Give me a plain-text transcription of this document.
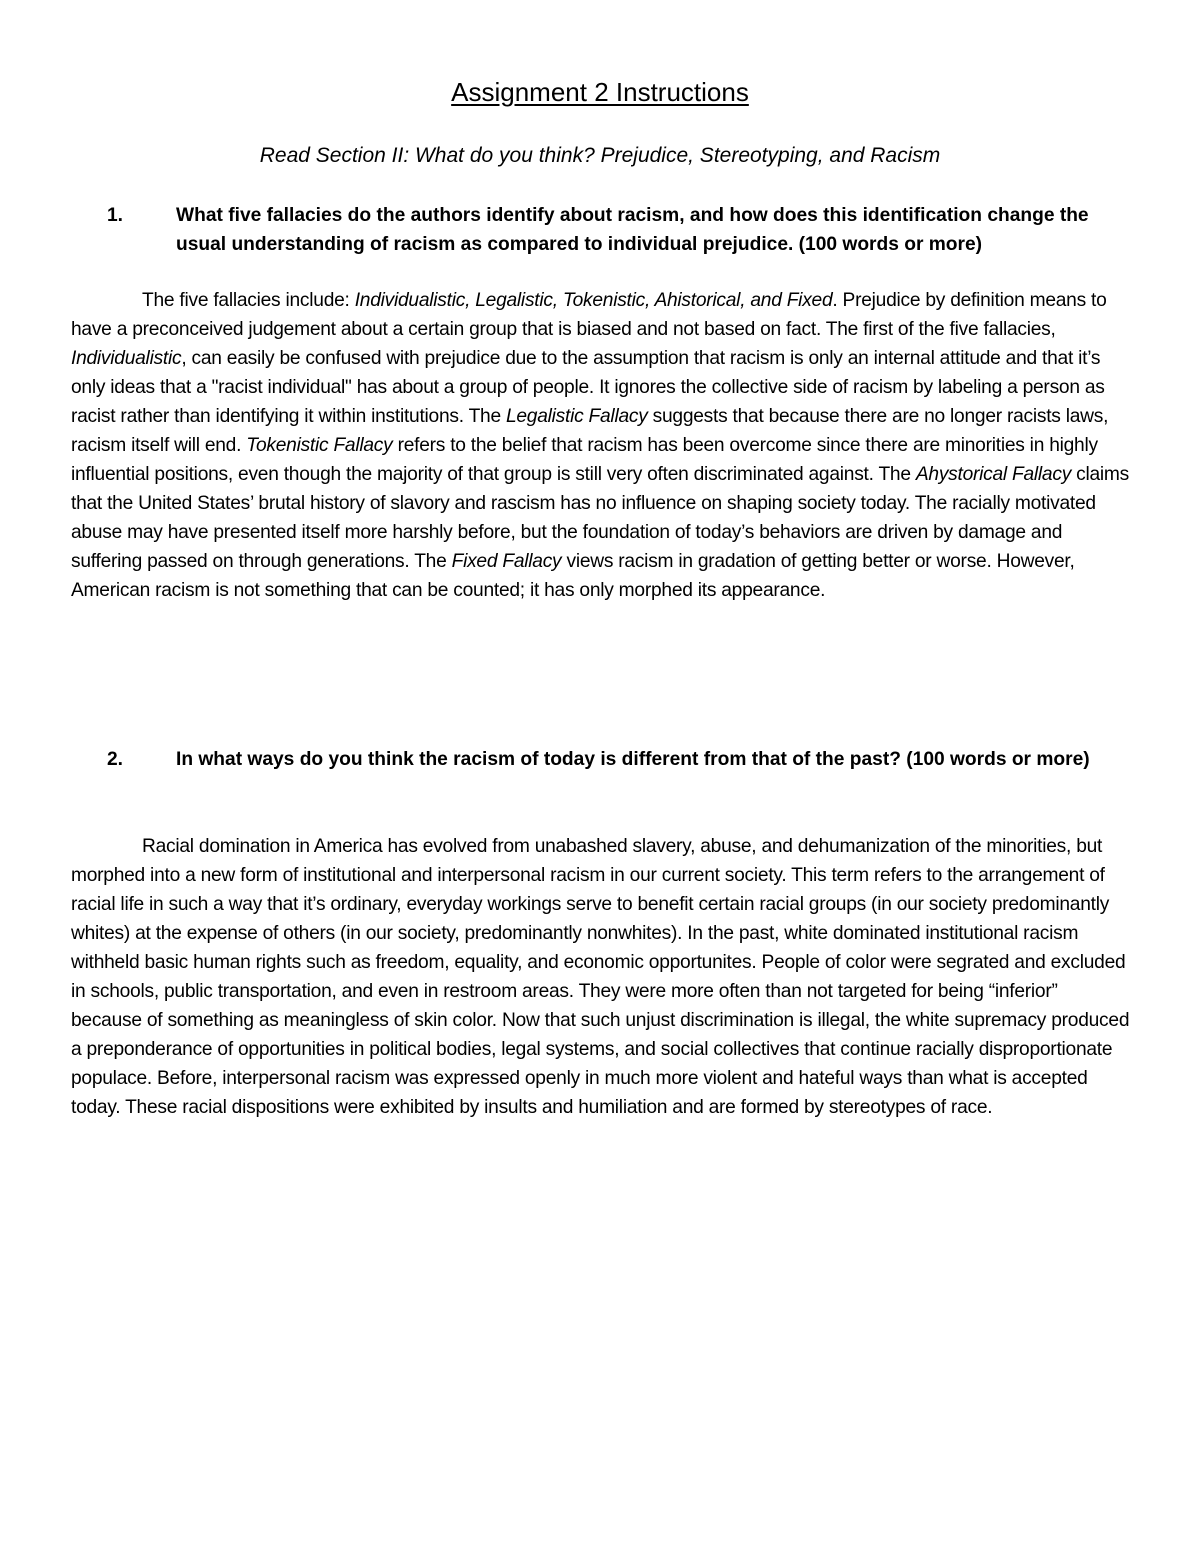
Assignment 2 Instructions
Read Section II: What do you think? Prejudice, Stereotyping, and Racism
1.	What five fallacies do the authors identify about racism, and how does this identification change the usual understanding of racism as compared to individual prejudice. (100 words or more)
The five fallacies include: Individualistic, Legalistic, Tokenistic, Ahistorical, and Fixed. Prejudice by definition means to have a preconceived judgement about a certain group that is biased and not based on fact. The first of the five fallacies, Individualistic, can easily be confused with prejudice due to the assumption that racism is only an internal attitude and that it’s only ideas that a "racist individual" has about a group of people. It ignores the collective side of racism by labeling a person as racist rather than identifying it within institutions. The Legalistic Fallacy suggests that because there are no longer racists laws, racism itself will end. Tokenistic Fallacy refers to the belief that racism has been overcome since there are minorities in highly influential positions, even though the majority of that group is still very often discriminated against. The Ahystorical Fallacy claims that the United States’ brutal history of slavory and rascism has no influence on shaping society today. The racially motivated abuse may have presented itself more harshly before, but the foundation of today’s behaviors are driven by damage and suffering passed on through generations. The Fixed Fallacy views racism in gradation of getting better or worse. However, American racism is not something that can be counted; it has only morphed its appearance.
2.	In what ways do you think the racism of today is different from that of the past? (100 words or more)
Racial domination in America has evolved from unabashed slavery, abuse, and dehumanization of the minorities, but morphed into a new form of institutional and interpersonal racism in our current society. This term refers to the arrangement of racial life in such a way that it’s ordinary, everyday workings serve to benefit certain racial groups (in our society predominantly whites) at the expense of others (in our society, predominantly nonwhites). In the past, white dominated institutional racism withheld basic human rights such as freedom, equality, and economic opportunites. People of color were segrated and excluded in schools, public transportation, and even in restroom areas. They were more often than not targeted for being “inferior” because of something as meaningless of skin color. Now that such unjust discrimination is illegal, the white supremacy produced a preponderance of opportunities in political bodies, legal systems, and social collectives that continue racially disproportionate populace. Before, interpersonal racism was expressed openly in much more violent and hateful ways than what is accepted today. These racial dispositions were exhibited by insults and humiliation and are formed by stereotypes of race.
